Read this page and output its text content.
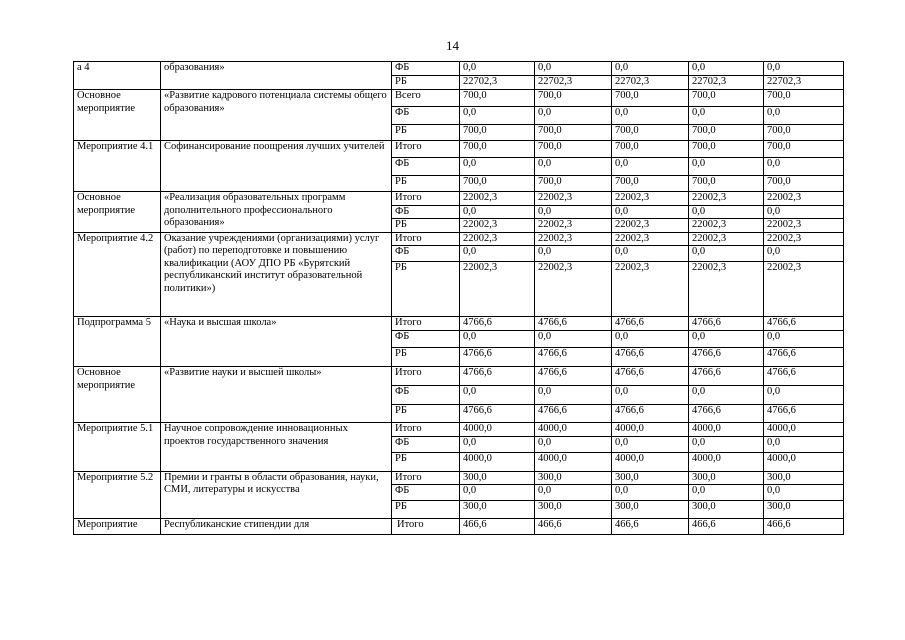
14
а 4	образования»	ФБ	0,0	0,0	0,0	0,0	0,0
		РБ	22702,3	22702,3	22702,3	22702,3	22702,3
Основное мероприятие	«Развитие кадрового потенциала системы общего образования»	Всего	700,0	700,0	700,0	700,0	700,0
		ФБ	0,0	0,0	0,0	0,0	0,0
		РБ	700,0	700,0	700,0	700,0	700,0
Мероприятие 4.1	Софинансирование поощрения лучших учителей	Итого	700,0	700,0	700,0	700,0	700,0
		ФБ	0,0	0,0	0,0	0,0	0,0
		РБ	700,0	700,0	700,0	700,0	700,0
Основное мероприятие	«Реализация образовательных программ дополнительного профессионального образования»	Итого	22002,3	22002,3	22002,3	22002,3	22002,3
		ФБ	0,0	0,0	0,0	0,0	0,0
		РБ	22002,3	22002,3	22002,3	22002,3	22002,3
Мероприятие 4.2	Оказание учреждениями (организациями) услуг (работ) по переподготовке и повышению квалификации (АОУ ДПО РБ «Бурятский республиканский институт образовательной политики»)	Итого	22002,3	22002,3	22002,3	22002,3	22002,3
		ФБ	0,0	0,0	0,0	0,0	0,0
		РБ	22002,3	22002,3	22002,3	22002,3	22002,3
Подпрограмма 5	«Наука и высшая школа»	Итого	4766,6	4766,6	4766,6	4766,6	4766,6
		ФБ	0,0	0,0	0,0	0,0	0,0
		РБ	4766,6	4766,6	4766,6	4766,6	4766,6
Основное мероприятие	«Развитие науки и высшей школы»	Итого	4766,6	4766,6	4766,6	4766,6	4766,6
		ФБ	0,0	0,0	0,0	0,0	0,0
		РБ	4766,6	4766,6	4766,6	4766,6	4766,6
Мероприятие 5.1	Научное сопровождение инновационных проектов государственного значения	Итого	4000,0	4000,0	4000,0	4000,0	4000,0
		ФБ	0,0	0,0	0,0	0,0	0,0
		РБ	4000,0	4000,0	4000,0	4000,0	4000,0
Мероприятие 5.2	Премии и гранты в области образования, науки, СМИ, литературы и искусства	Итого	300,0	300,0	300,0	300,0	300,0
		ФБ	0,0	0,0	0,0	0,0	0,0
		РБ	300,0	300,0	300,0	300,0	300,0
Мероприятие	Республиканские стипендии для	Итого	466,6	466,6	466,6	466,6	466,6
